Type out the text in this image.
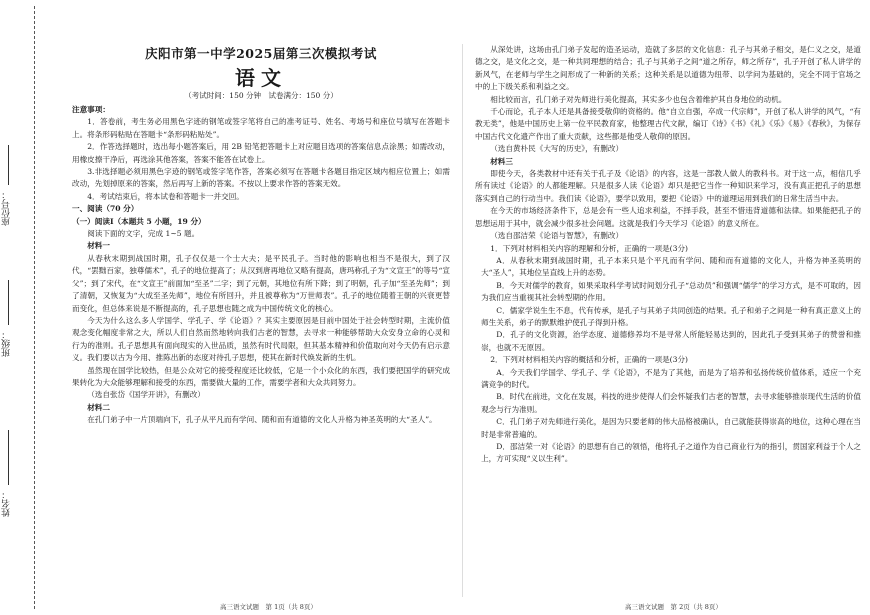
座位号：
班级：
姓名：
庆阳市第一中学2025届第三次模拟考试
语文
（考试时间：150 分钟　试卷满分：150 分）

注意事项：

1．答卷前，考生务必用黑色字迹的钢笔或签字笔将自己的准考证号、姓名、考场号和座位号填写在答题卡上。将条形码粘贴在答题卡“条形码粘贴处”。

2．作答选择题时，选出每小题答案后，用 2B 铅笔把答题卡上对应题目选项的答案信息点涂黑；如需改动，用橡皮擦干净后，再选涂其他答案，答案不能答在试卷上。

3.非选择题必须用黑色字迹的钢笔或签字笔作答，答案必须写在答题卡各题目指定区域内相应位置上；如需改动，先划掉原来的答案，然后再写上新的答案。不按以上要求作答的答案无效。

4．考试结束后，将本试卷和答题卡一并交回。

一、阅读（70 分）

（一）阅读Ⅰ（本题共 5 小题，19 分）

阅读下面的文字，完成 1~5 题。

材料一

从春秋末期到战国时期，孔子仅仅是一个士大夫；是平民孔子。当时他的影响也相当不是很大，到了汉代，“罢黜百家，独尊儒术”，孔子的地位提高了；从汉到唐再地位又略有提高，唐玛称孔子为“文宣王”的等号“宣父”；到了宋代，在“文宣王”前面加“至圣”二字；到了元朝，其地位有所下降；到了明朝，孔子加“至圣先师”；到了清朝，又恢复为“大成至圣先师”，地位有所回升，并且被尊称为“万世师表”。孔子的地位随着王朝的兴衰更替而变化，但总体来说是不断提高的，孔子思想也随之成为中国传统文化的核心。

今天为什么这么多人学国学、学孔子、学《论语》？其实主要原因是目前中国处于社会转型时期，主流价值观念变化幅度非常之大，所以人们自然而然地转向我们古老的智慧，去寻求一种能够帮助大众安身立命的心灵和行为的准则。孔子思想具有面向现实的入世品质，虽然有时代局限，但其基本精神和价值取向对今天仍有启示意义。我们要以古为今用、推陈出新的态度对待孔子思想，使其在新时代焕发新的生机。

虽然现在国学比较热，但是公众对它的接受程度还比较低，它是一个小众化的东西，我们要把国学的研究成果转化为大众能够理解和接受的东西，需要做大量的工作，需要学者和大众共同努力。

（选自张岱《国学开讲》，有删改）

材料二

在孔门弟子中一片顶端向下，孔子从平凡而有学问、随和而有道德的文化人升格为神圣英明的大“圣人”。

从深处讲，这场由孔门弟子发起的造圣运动，造就了多层的文化信息：孔子与其弟子相交，是仁义之交，是道德之交，是文化之交，是一种共同理想的结合；孔子与其弟子之间“道之所存，师之所存”，孔子开创了私人讲学的新风气，在老师与学生之间形成了一种新的关系；这种关系是以道德为纽带、以学问为基础的，完全不同于官场之中的上下级关系和利益之交。

相比较而言，孔门弟子对先师进行美化提高，其实多少也包含着维护其自身地位的动机。

千心而论，孔子本人还是具备接受敬仰的资格的。他“自立自强，卒成一代宗师”，开创了私人讲学的风气，“有教无类”，他是中国历史上第一位平民教育家，他整理古代文献，编订《诗》《书》《礼》《乐》《易》《春秋》，为保存中国古代文化遗产作出了重大贡献，这些都是他受人敬仰的原因。

（选自黄朴民《大写的历史》，有删改）

材料三

即使今天，各类教材中还有关于孔子及《论语》的内容，这是一部教人做人的教科书。对于这一点，相信几乎所有读过《论语》的人都能理解。只是很多人读《论语》却只是把它当作一种知识来学习，没有真正把孔子的思想落实到自己的行动当中。我们读《论语》，要学以致用，要把《论语》中的道理运用到我们的日常生活当中去。

在今天的市场经济条件下，总是会有一些人追求利益，不择手段，甚至不惜违背道德和法律。如果能把孔子的思想运用于其中，就会减少很多社会问题。这就是我们今天学习《论语》的意义所在。

（选自邵洁荣《论语与智慧》，有删改）

1．下列对材料相关内容的理解和分析，正确的一项是(3分)

A．从春秋末期到战国时期，孔子本来只是个平凡而有学问、随和而有道德的文化人，升格为神圣英明的大“圣人”，其地位呈直线上升的态势。

B．今天对儒学的教育，如果采取科学考试时间划分孔子“总动员”和强调“儒学”的学习方式，是不可取的，因为我们应当重视其社会转型期的作用。

C．儒家学说生生不息，代有传承，是孔子与其弟子共同创造的结果。孔子和弟子之间是一种有真正意义上的师生关系，弟子的默默维护使孔子得到升格。

D．孔子的文化资源，治学态度、道德修养均不是寻常人所能轻易达到的，因此孔子受到其弟子的赞誉和推崇，也就不无原因。

2．下列对材料相关内容的概括和分析，正确的一项是(3分)

A．今天我们学国学、学孔子、学《论语》，不是为了其他，而是为了培养和弘扬传统价值体系，适应一个充满竞争的时代。

B．时代在前进，文化在发展，科技的进步使得人们会怀疑我们古老的智慧，去寻求能够推崇现代生活的价值观念与行为准则。

C．孔门弟子对先师进行美化，是因为只要老师的伟大品格被确认，自己就能获得崇高的地位，这种心理在当时是非常普遍的。

D．邵洁荣一对《论语》的思想有自己的领悟，他将孔子之道作为自己商业行为的指引，贯国家利益于个人之上，方可实现“义以生利”。

高三语文试题　第 1页（共 8页）	高三语文试题　第 2页（共 8页）
